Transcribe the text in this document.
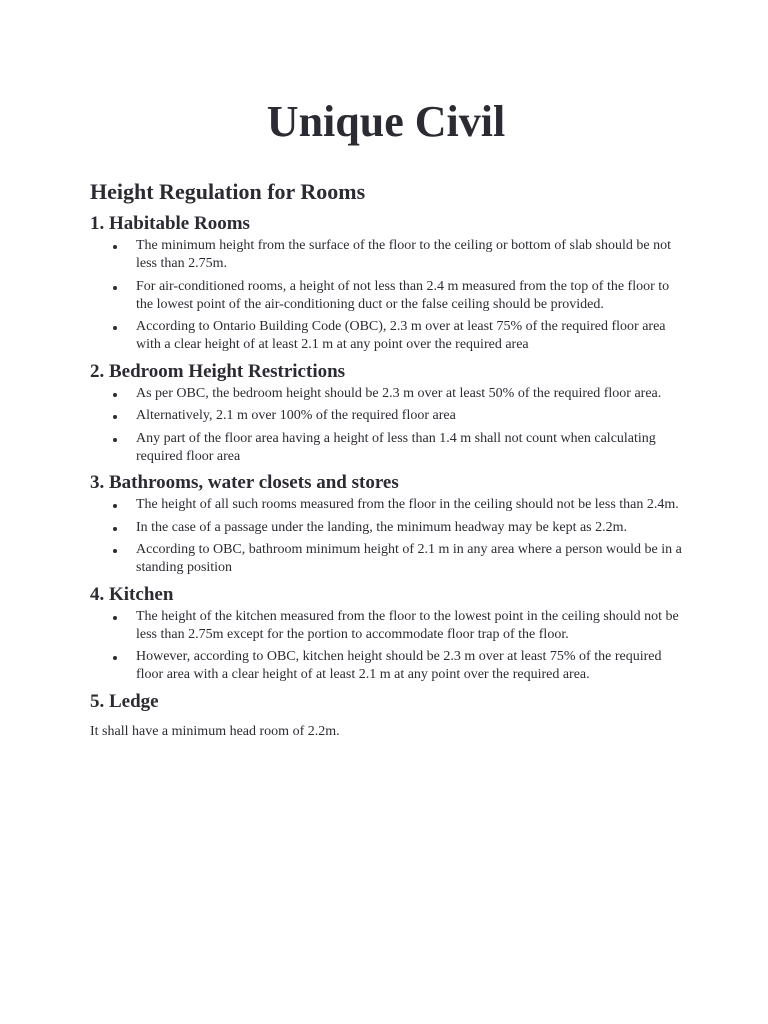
Unique Civil
Height Regulation for Rooms
1. Habitable Rooms
The minimum height from the surface of the floor to the ceiling or bottom of slab should be not less than 2.75m.
For air-conditioned rooms, a height of not less than 2.4 m measured from the top of the floor to the lowest point of the air-conditioning duct or the false ceiling should be provided.
According to Ontario Building Code (OBC), 2.3 m over at least 75% of the required floor area with a clear height of at least 2.1 m at any point over the required area
2. Bedroom Height Restrictions
As per OBC, the bedroom height should be 2.3 m over at least 50% of the required floor area.
Alternatively, 2.1 m over 100% of the required floor area
Any part of the floor area having a height of less than 1.4 m shall not count when calculating required floor area
3. Bathrooms, water closets and stores
The height of all such rooms measured from the floor in the ceiling should not be less than 2.4m.
In the case of a passage under the landing, the minimum headway may be kept as 2.2m.
According to OBC, bathroom minimum height of 2.1 m in any area where a person would be in a standing position
4. Kitchen
The height of the kitchen measured from the floor to the lowest point in the ceiling should not be less than 2.75m except for the portion to accommodate floor trap of the floor.
However, according to OBC, kitchen height should be 2.3 m over at least 75% of the required floor area with a clear height of at least 2.1 m at any point over the required area.
5. Ledge

It shall have a minimum head room of 2.2m.
